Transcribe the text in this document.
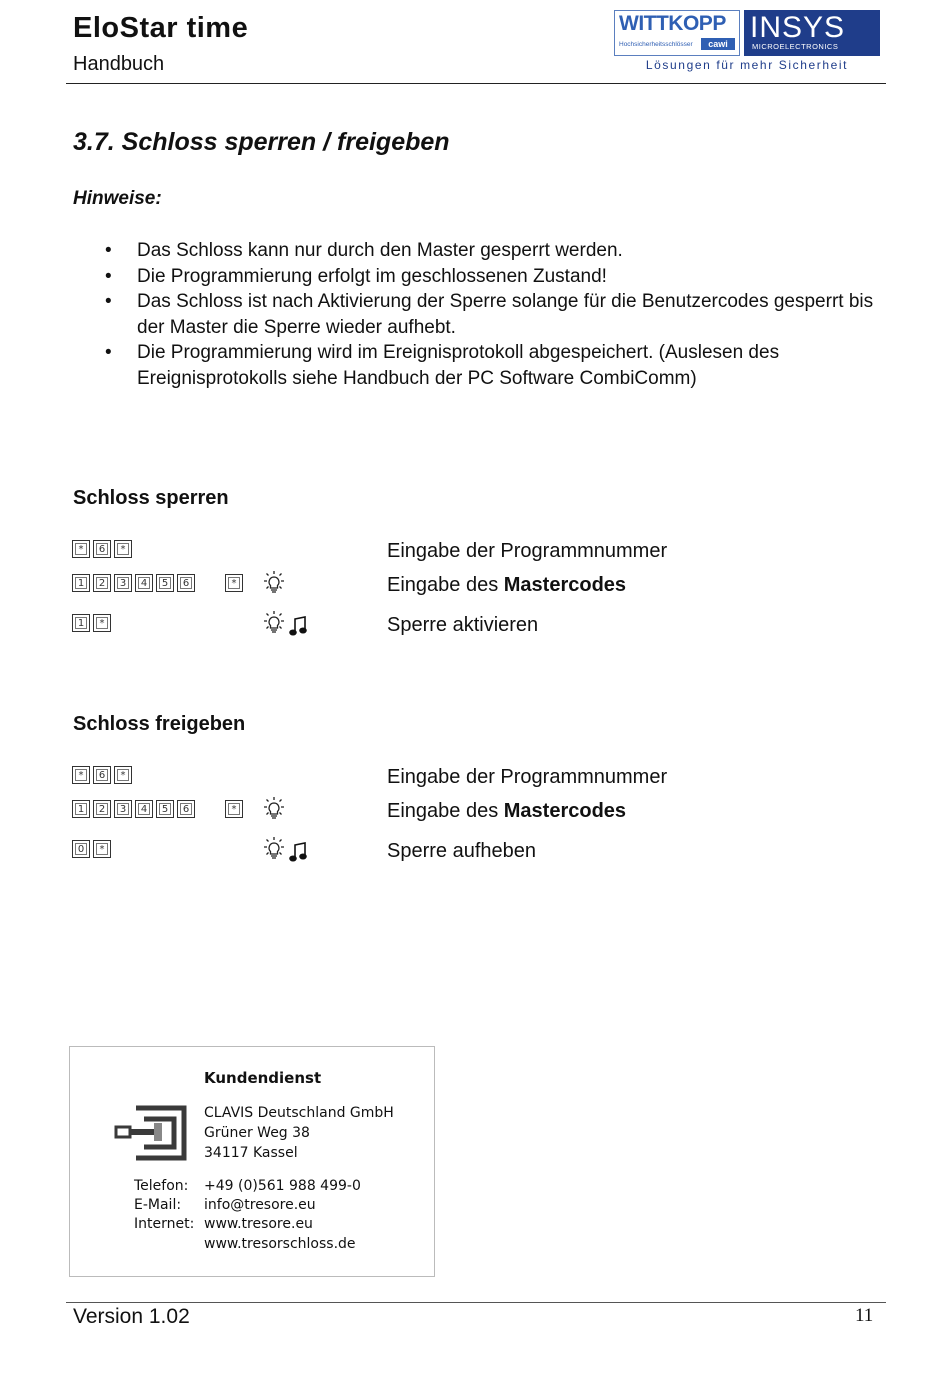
EloStar time
Handbuch
WITTKOPP
Hochsicherheitsschlösser	cawi INSYS
MICROELECTRONICS
Lösungen für mehr Sicherheit
3.7. Schloss sperren / freigeben
Hinweise:
• Das Schloss kann nur durch den Master gesperrt werden.
• Die Programmierung erfolgt im geschlossenen Zustand!
• Das Schloss ist nach Aktivierung der Sperre solange für die Benutzercodes gesperrt bis der Master die Sperre wieder aufhebt.
• Die Programmierung wird im Ereignisprotokoll abgespeichert. (Auslesen des Ereignisprotokolls siehe Handbuch der PC Software CombiComm)
Schloss sperren
*	6	*	Eingabe der Programmnummer
1 2 3 4 5 6	*	Eingabe des Mastercodes
1	*	Sperre aktivieren
Schloss freigeben
*	6	*	Eingabe der Programmnummer
1 2 3 4 5 6	*	Eingabe des Mastercodes
0	*	Sperre aufheben
Kundendienst
CLAVIS Deutschland GmbH
Grüner Weg 38
34117 Kassel
Telefon: +49 (0)561 988 499-0
E-Mail: info@tresore.eu
Internet: www.tresore.eu
www.tresorschloss.de
Version 1.02	11
